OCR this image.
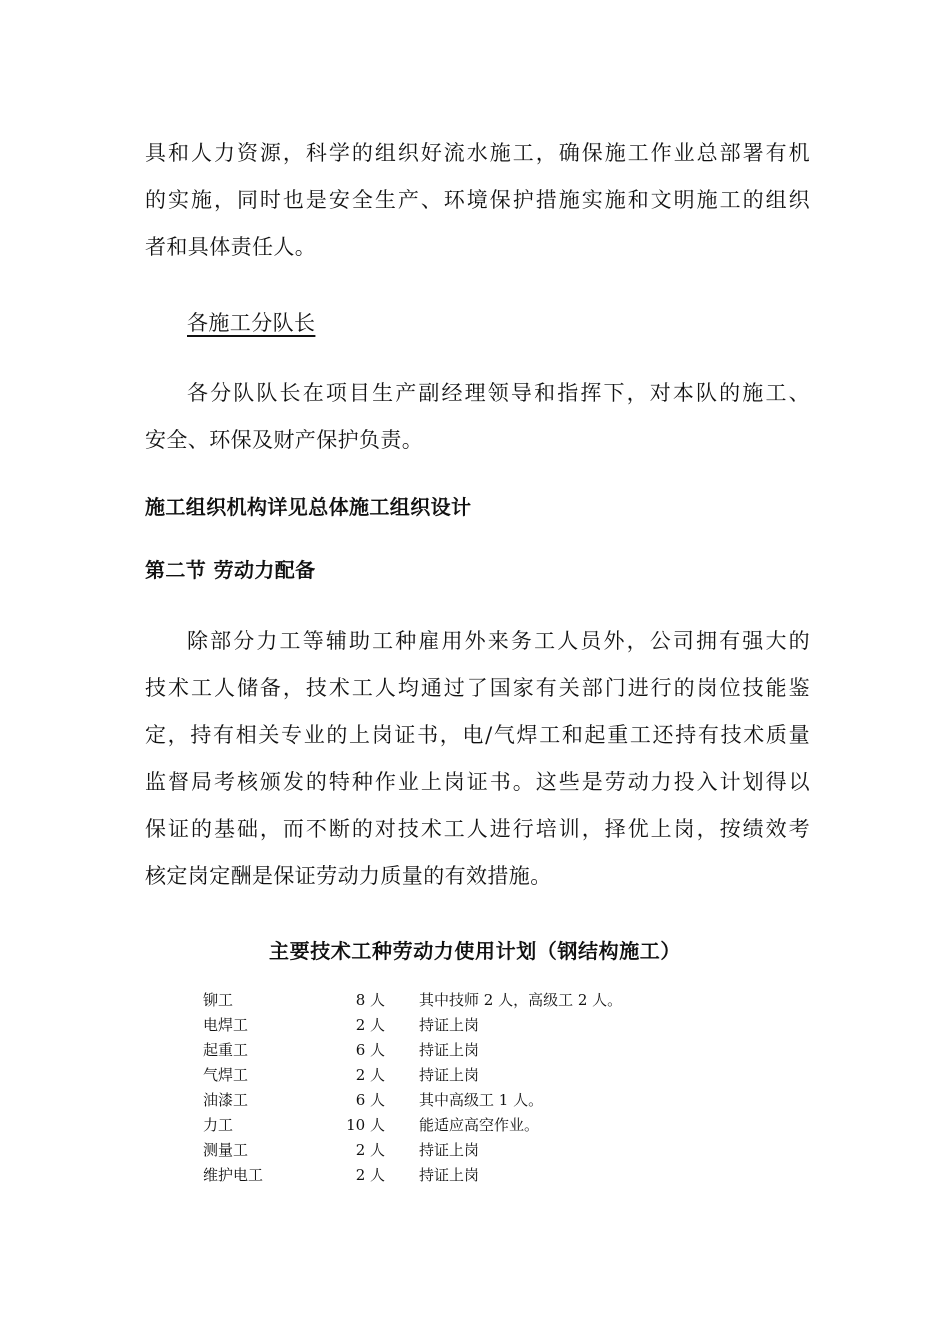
具和人力资源，科学的组织好流水施工，确保施工作业总部署有机
的实施，同时也是安全生产、环境保护措施实施和文明施工的组织
者和具体责任人。
各施工分队长
各分队队长在项目生产副经理领导和指挥下，对本队的施工、
安全、环保及财产保护负责。
施工组织机构详见总体施工组织设计
第二节 劳动力配备
除部分力工等辅助工种雇用外来务工人员外，公司拥有强大的
技术工人储备，技术工人均通过了国家有关部门进行的岗位技能鉴
定，持有相关专业的上岗证书，电/气焊工和起重工还持有技术质量
监督局考核颁发的特种作业上岗证书。这些是劳动力投入计划得以
保证的基础，而不断的对技术工人进行培训，择优上岗，按绩效考
核定岗定酬是保证劳动力质量的有效措施。
主要技术工种劳动力使用计划（钢结构施工）
铆工	8 人 其中技师 2 人，高级工 2 人。
电焊工	2 人 持证上岗
起重工	6 人 持证上岗
气焊工	2 人 持证上岗
油漆工	6 人 其中高级工 1 人。
力工	10 人 能适应高空作业。
测量工	2 人 持证上岗
维护电工	2 人 持证上岗
